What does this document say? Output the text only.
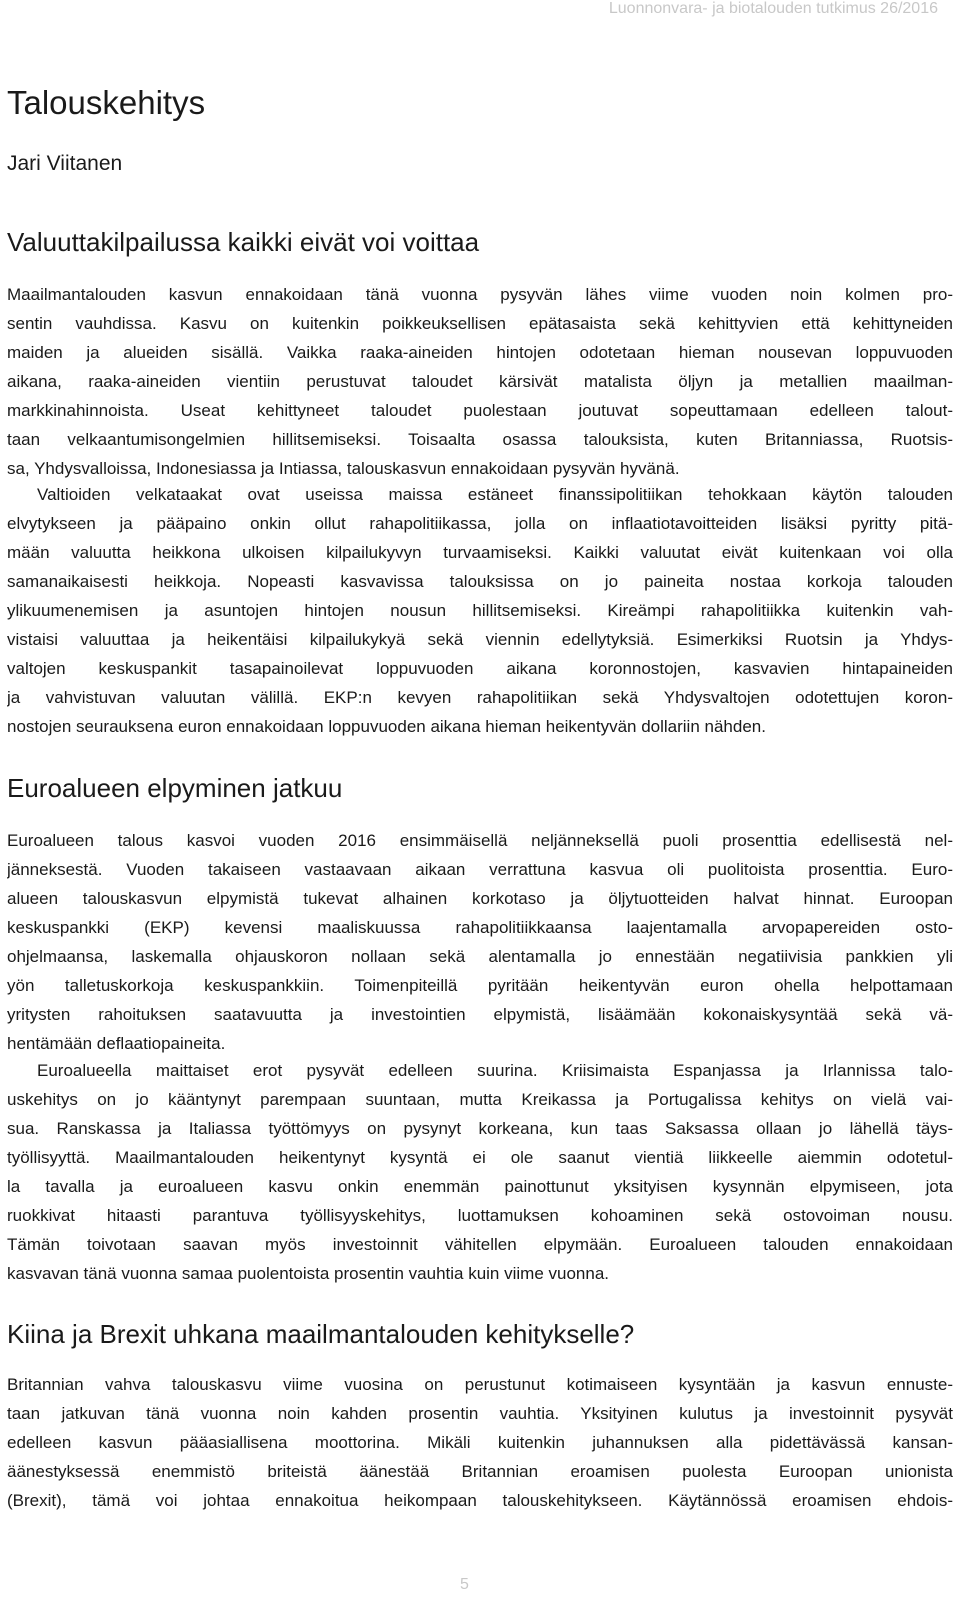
Luonnonvara- ja biotalouden tutkimus 26/2016
Talouskehitys
Jari Viitanen
Valuuttakilpailussa kaikki eivät voi voittaa
Maailmantalouden kasvun ennakoidaan tänä vuonna pysyvän lähes viime vuoden noin kolmen pro-
sentin vauhdissa. Kasvu on kuitenkin poikkeuksellisen epätasaista sekä kehittyvien että kehittyneiden
maiden ja alueiden sisällä. Vaikka raaka-aineiden hintojen odotetaan hieman nousevan loppuvuoden
aikana, raaka-aineiden vientiin perustuvat taloudet kärsivät matalista öljyn ja metallien maailman-
markkinahinnoista. Useat kehittyneet taloudet puolestaan joutuvat sopeuttamaan edelleen talout-
taan velkaantumisongelmien hillitsemiseksi. Toisaalta osassa talouksista, kuten Britanniassa, Ruotsis-
sa, Yhdysvalloissa, Indonesiassa ja Intiassa, talouskasvun ennakoidaan pysyvän hyvänä.
Valtioiden velkataakat ovat useissa maissa estäneet finanssipolitiikan tehokkaan käytön talouden
elvytykseen ja pääpaino onkin ollut rahapolitiikassa, jolla on inflaatiotavoitteiden lisäksi pyritty pitä-
mään valuutta heikkona ulkoisen kilpailukyvyn turvaamiseksi. Kaikki valuutat eivät kuitenkaan voi olla
samanaikaisesti heikkoja. Nopeasti kasvavissa talouksissa on jo paineita nostaa korkoja talouden
ylikuumenemisen ja asuntojen hintojen nousun hillitsemiseksi. Kireämpi rahapolitiikka kuitenkin vah-
vistaisi valuuttaa ja heikentäisi kilpailukykyä sekä viennin edellytyksiä. Esimerkiksi Ruotsin ja Yhdys-
valtojen keskuspankit tasapainoilevat loppuvuoden aikana koronnostojen, kasvavien hintapaineiden
ja vahvistuvan valuutan välillä. EKP:n kevyen rahapolitiikan sekä Yhdysvaltojen odotettujen koron-
nostojen seurauksena euron ennakoidaan loppuvuoden aikana hieman heikentyvän dollariin nähden.
Euroalueen elpyminen jatkuu
Euroalueen talous kasvoi vuoden 2016 ensimmäisellä neljänneksellä puoli prosenttia edellisestä nel-
jänneksestä. Vuoden takaiseen vastaavaan aikaan verrattuna kasvua oli puolitoista prosenttia. Euro-
alueen talouskasvun elpymistä tukevat alhainen korkotaso ja öljytuotteiden halvat hinnat. Euroopan
keskuspankki (EKP) kevensi maaliskuussa rahapolitiikkaansa laajentamalla arvopapereiden osto-
ohjelmaansa, laskemalla ohjauskoron nollaan sekä alentamalla jo ennestään negatiivisia pankkien yli
yön talletuskorkoja keskuspankkiin. Toimenpiteillä pyritään heikentyvän euron ohella helpottamaan
yritysten rahoituksen saatavuutta ja investointien elpymistä, lisäämään kokonaiskysyntää sekä vä-
hentämään deflaatiopaineita.
Euroalueella maittaiset erot pysyvät edelleen suurina. Kriisimaista Espanjassa ja Irlannissa talo-
uskehitys on jo kääntynyt parempaan suuntaan, mutta Kreikassa ja Portugalissa kehitys on vielä vai-
sua. Ranskassa ja Italiassa työttömyys on pysynyt korkeana, kun taas Saksassa ollaan jo lähellä täys-
työllisyyttä. Maailmantalouden heikentynyt kysyntä ei ole saanut vientiä liikkeelle aiemmin odotetul-
la tavalla ja euroalueen kasvu onkin enemmän painottunut yksityisen kysynnän elpymiseen, jota
ruokkivat hitaasti parantuva työllisyyskehitys, luottamuksen kohoaminen sekä ostovoiman nousu.
Tämän toivotaan saavan myös investoinnit vähitellen elpymään. Euroalueen talouden ennakoidaan
kasvavan tänä vuonna samaa puolentoista prosentin vauhtia kuin viime vuonna.
Kiina ja Brexit uhkana maailmantalouden kehitykselle?
Britannian vahva talouskasvu viime vuosina on perustunut kotimaiseen kysyntään ja kasvun ennuste-
taan jatkuvan tänä vuonna noin kahden prosentin vauhtia. Yksityinen kulutus ja investoinnit pysyvät
edelleen kasvun pääasiallisena moottorina. Mikäli kuitenkin juhannuksen alla pidettävässä kansan-
äänestyksessä enemmistö briteistä äänestää Britannian eroamisen puolesta Euroopan unionista
(Brexit), tämä voi johtaa ennakoitua heikompaan talouskehitykseen. Käytännössä eroamisen ehdois-
5
